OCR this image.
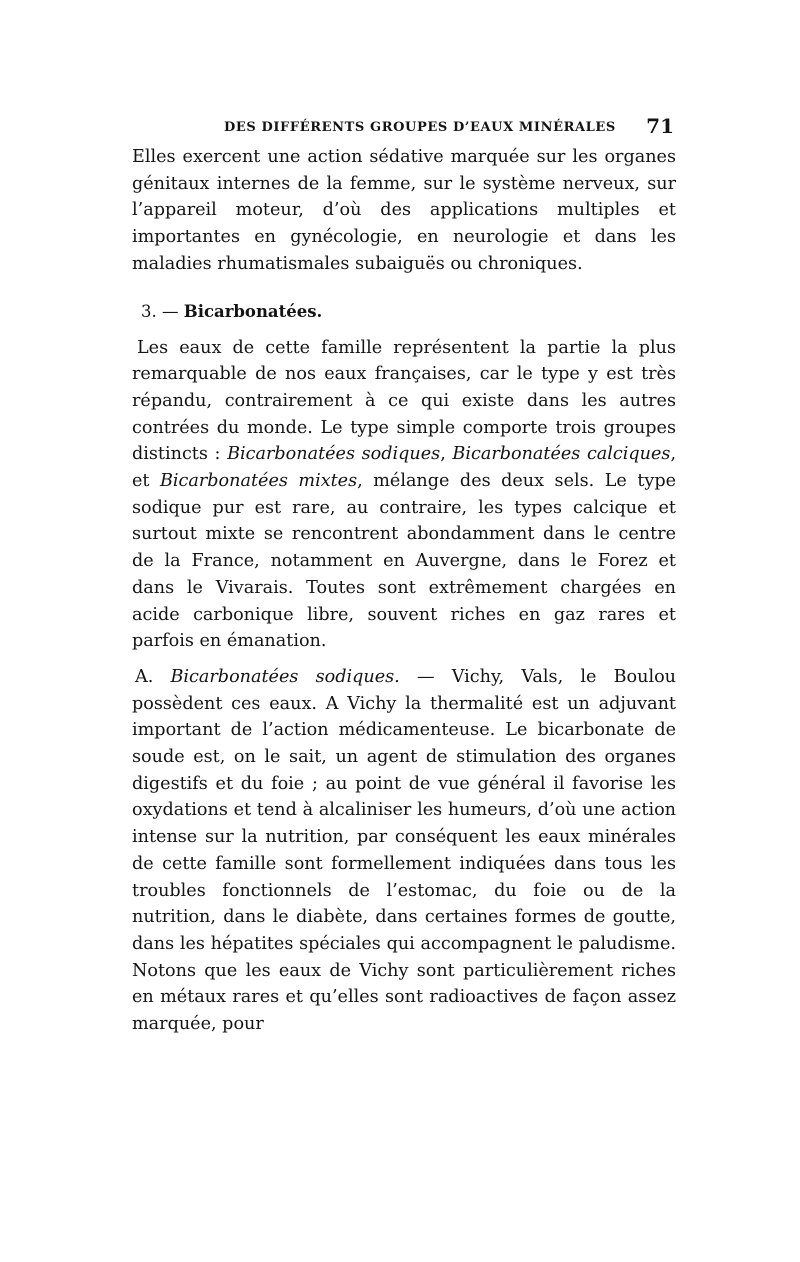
DES DIFFÉRENTS GROUPES D’EAUX MINÉRALES 71

Elles exercent une action sédative marquée sur les organes génitaux internes de la femme, sur le système nerveux, sur l’appareil moteur, d’où des applications multiples et importantes en gynécologie, en neurologie et dans les maladies rhumatismales subaiguës ou chroniques.

3. — Bicarbonatées.

Les eaux de cette famille représentent la partie la plus remarquable de nos eaux françaises, car le type y est très répandu, contrairement à ce qui existe dans les autres contrées du monde. Le type simple comporte trois groupes distincts : Bicarbonatées sodiques, Bicarbonatées calciques, et Bicarbonatées mixtes, mélange des deux sels. Le type sodique pur est rare, au contraire, les types calcique et surtout mixte se rencontrent abondamment dans le centre de la France, notamment en Auvergne, dans le Forez et dans le Vivarais. Toutes sont extrêmement chargées en acide carbonique libre, souvent riches en gaz rares et parfois en émanation.

A. Bicarbonatées sodiques. — Vichy, Vals, le Boulou possèdent ces eaux. A Vichy la thermalité est un adjuvant important de l’action médicamenteuse. Le bicarbonate de soude est, on le sait, un agent de stimulation des organes digestifs et du foie ; au point de vue général il favorise les oxydations et tend à alcaliniser les humeurs, d’où une action intense sur la nutrition, par conséquent les eaux minérales de cette famille sont formellement indiquées dans tous les troubles fonctionnels de l’estomac, du foie ou de la nutrition, dans le diabète, dans certaines formes de goutte, dans les hépatites spéciales qui accompagnent le paludisme. Notons que les eaux de Vichy sont particulièrement riches en métaux rares et qu’elles sont radioactives de façon assez marquée, pour
